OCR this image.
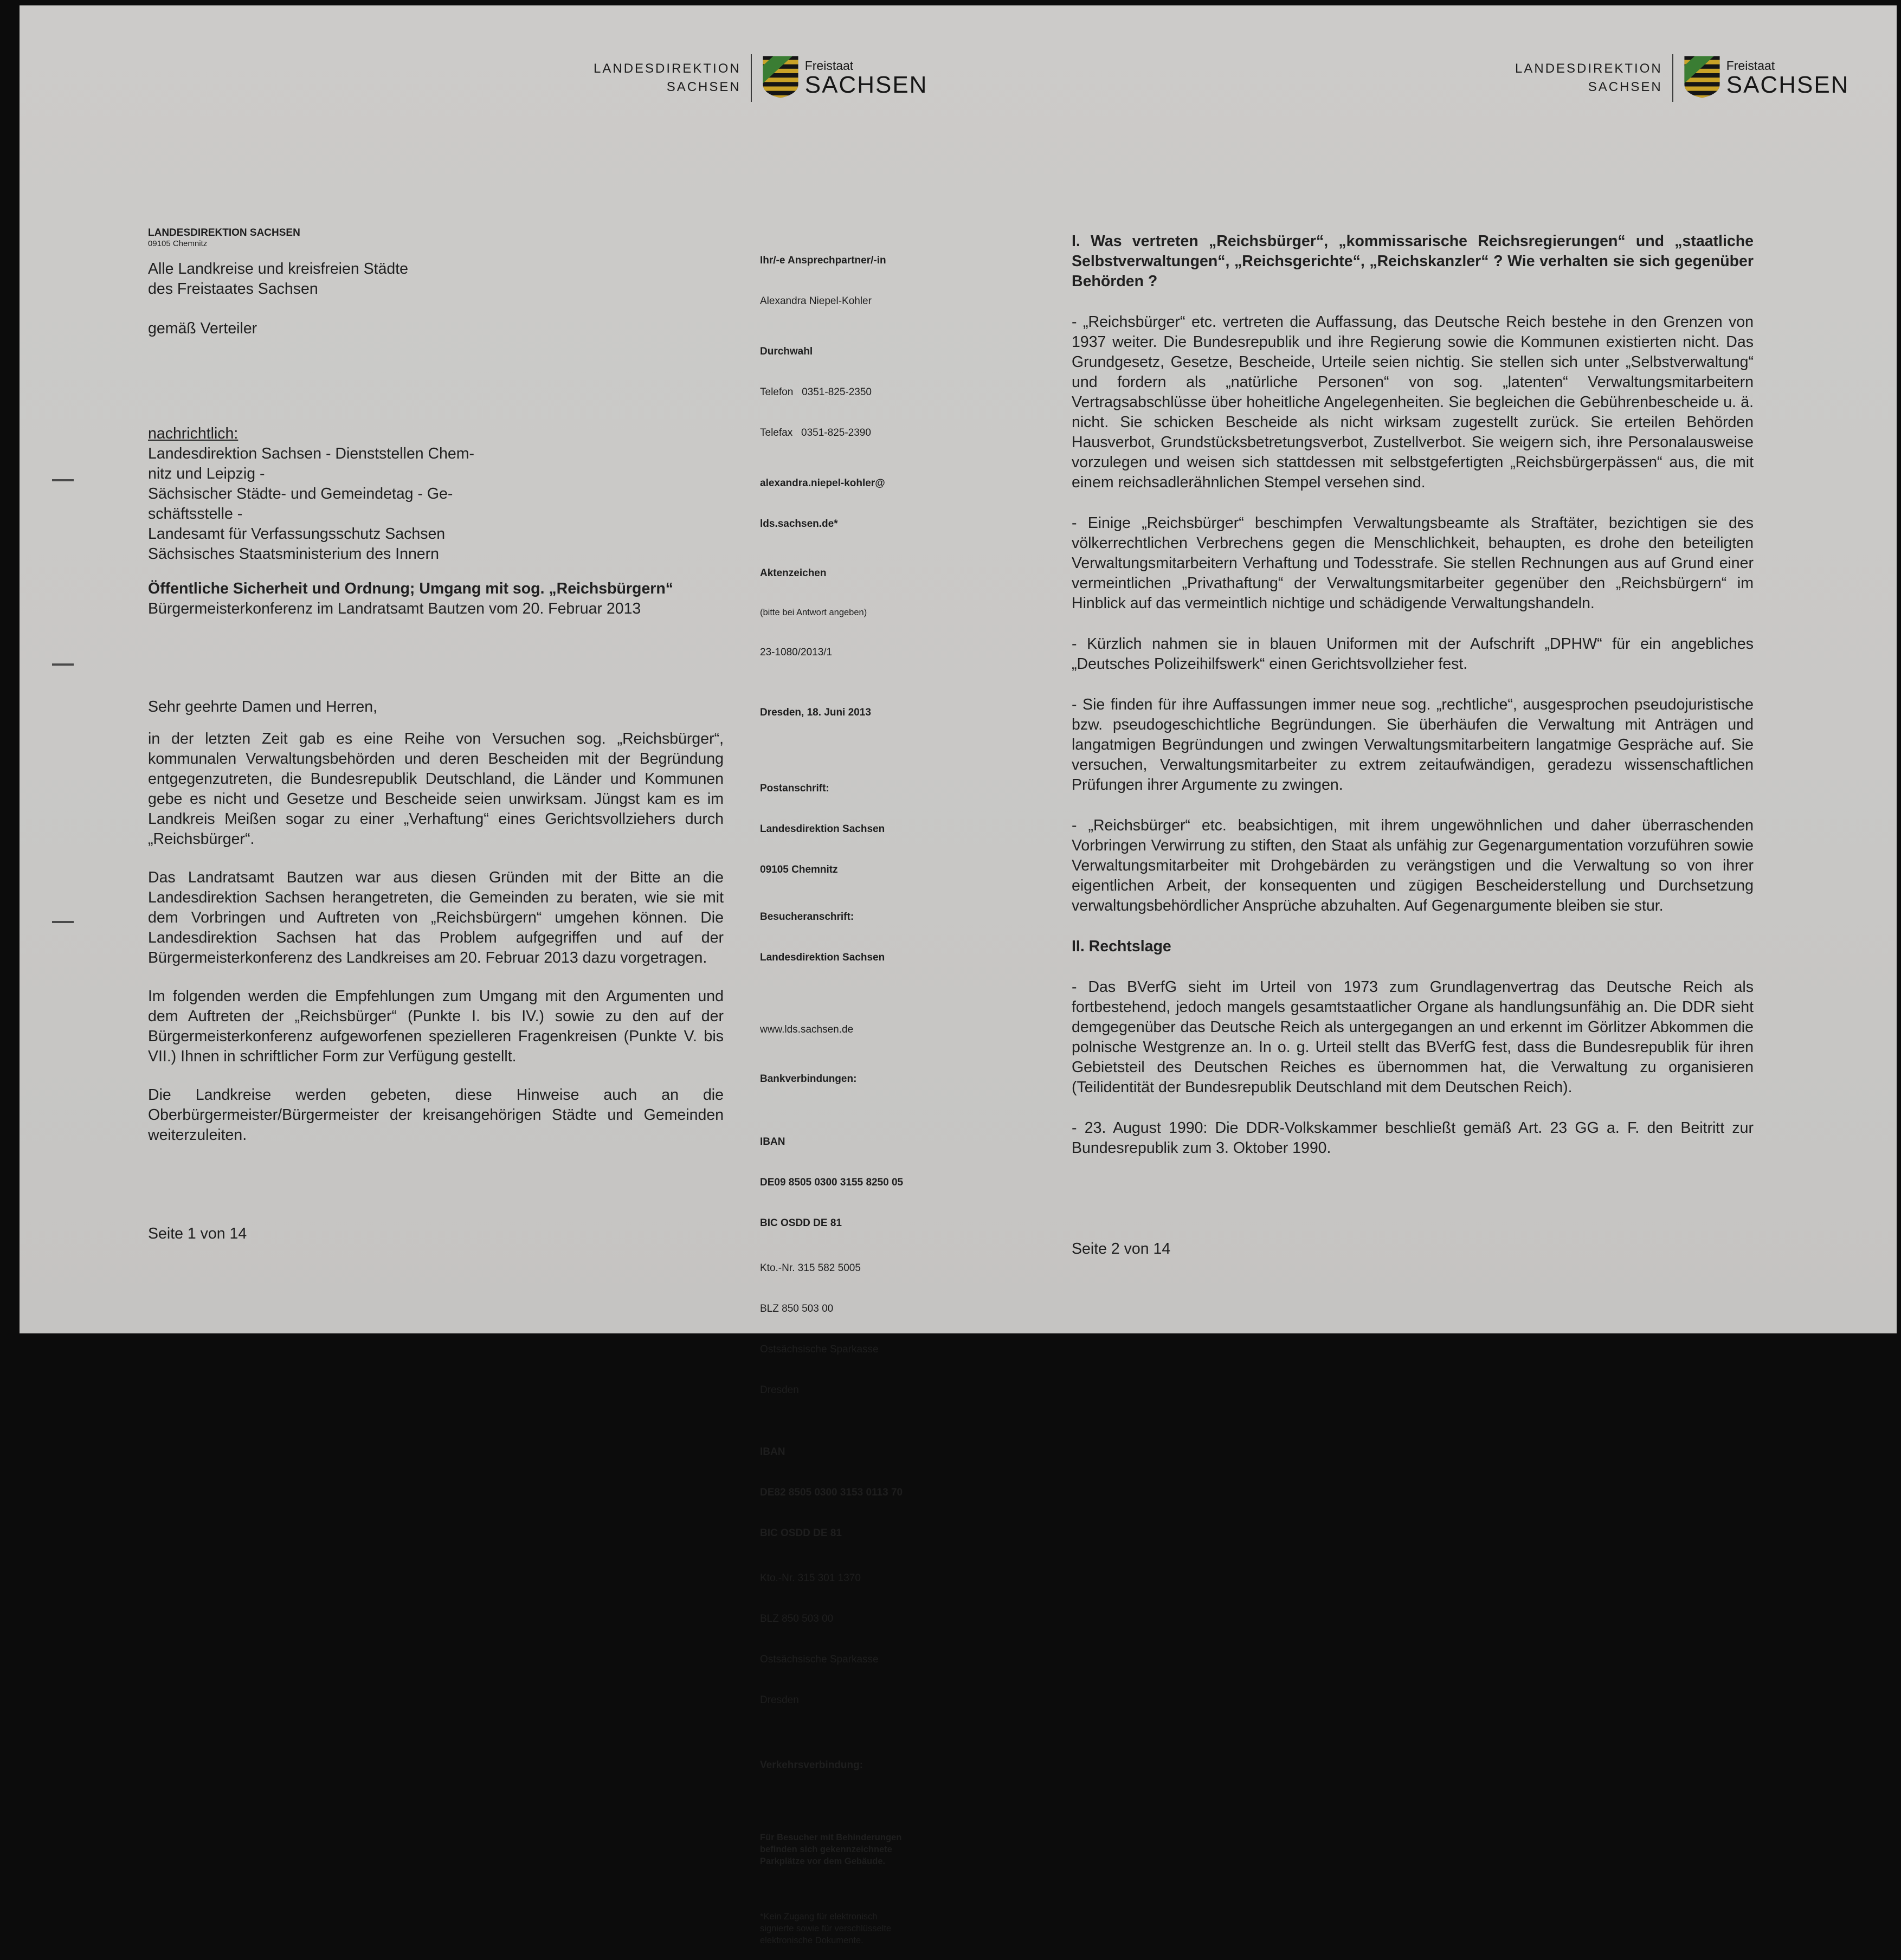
LANDESDIREKTION
SACHSEN
Freistaat
SACHSEN
LANDESDIREKTION SACHSEN
09105 Chemnitz
Alle Landkreise und kreisfreien Städte
des Freistaates Sachsen
gemäß Verteiler
nachrichtlich:
Landesdirektion Sachsen - Dienststellen Chem-
nitz und Leipzig -
Sächsischer Städte- und Gemeindetag - Ge-
schäftsstelle -
Landesamt für Verfassungsschutz Sachsen
Sächsisches Staatsministerium des Innern
Öffentliche Sicherheit und Ordnung; Umgang mit sog. „Reichsbürgern“
Bürgermeisterkonferenz im Landratsamt Bautzen vom 20. Februar 2013
Sehr geehrte Damen und Herren,
in der letzten Zeit gab es eine Reihe von Versuchen sog. „Reichsbürger“, kommunalen Verwaltungsbehörden und deren Bescheiden mit der Begründung entgegenzutreten, die Bundesrepublik Deutschland, die Länder und Kommunen gebe es nicht und Gesetze und Bescheide seien unwirksam. Jüngst kam es im Landkreis Meißen sogar zu einer „Verhaftung“ eines Gerichtsvollziehers durch „Reichsbürger“.
Das Landratsamt Bautzen war aus diesen Gründen mit der Bitte an die Landesdirektion Sachsen herangetreten, die Gemeinden zu beraten, wie sie mit dem Vorbringen und Auftreten von „Reichsbürgern“ umgehen können. Die Landesdirektion Sachsen hat das Problem aufgegriffen und auf der Bürgermeisterkonferenz des Landkreises am 20. Februar 2013 dazu vorgetragen.
Im folgenden werden die Empfehlungen zum Umgang mit den Argumenten und dem Auftreten der „Reichsbürger“ (Punkte I. bis IV.) sowie zu den auf der Bürgermeisterkonferenz aufgeworfenen spezielleren Fragenkreisen (Punkte V. bis VII.) Ihnen in schriftlicher Form zur Verfügung gestellt.
Die Landkreise werden gebeten, diese Hinweise auch an die Oberbürgermeister/Bürgermeister der kreisangehörigen Städte und Gemeinden weiterzuleiten.
Seite 1 von 14

Ihr/-e Ansprechpartner/-in

Alexandra Niepel-Kohler

Durchwahl

Telefon   0351-825-2350

Telefax   0351-825-2390

alexandra.niepel-kohler@

lds.sachsen.de*

Aktenzeichen

(bitte bei Antwort angeben)

23-1080/2013/1

Dresden, 18. Juni 2013

Postanschrift:

Landesdirektion Sachsen

09105 Chemnitz

Besucheranschrift:

Landesdirektion Sachsen

www.lds.sachsen.de

Bankverbindungen:

IBAN

DE09 8505 0300 3155 8250 05

BIC OSDD DE 81

Kto.-Nr. 315 582 5005

BLZ 850 503 00

Ostsächsische Sparkasse

Dresden

IBAN

DE82 8505 0300 3153 0113 70

BIC OSDD DE 81

Kto.-Nr. 315 301 1370

BLZ 850 503 00

Ostsächsische Sparkasse

Dresden

Verkehrsverbindung:

Für Besucher mit Behinderungen befinden sich gekennzeichnete Parkplätze vor dem Gebäude.

*Kein Zugang für elektronisch signierte sowie für verschlüsselte elektronische Dokumente.

LANDESDIREKTION
SACHSEN
Freistaat
SACHSEN
I. Was vertreten „Reichsbürger“, „kommissarische Reichsregierungen“ und „staatliche Selbstverwaltungen“, „Reichsgerichte“, „Reichskanzler“ ? Wie verhalten sie sich gegenüber Behörden ?
- „Reichsbürger“ etc. vertreten die Auffassung, das Deutsche Reich bestehe in den Grenzen von 1937 weiter. Die Bundesrepublik und ihre Regierung sowie die Kommunen existierten nicht. Das Grundgesetz, Gesetze, Bescheide, Urteile seien nichtig. Sie stellen sich unter „Selbstverwaltung“ und fordern als „natürliche Personen“ von sog. „latenten“ Verwaltungsmitarbeitern Vertragsabschlüsse über hoheitliche Angelegenheiten. Sie begleichen die Gebührenbescheide u. ä. nicht. Sie schicken Bescheide als nicht wirksam zugestellt zurück. Sie erteilen Behörden Hausverbot, Grundstücksbetretungsverbot, Zustellverbot. Sie weigern sich, ihre Personalausweise vorzulegen und weisen sich stattdessen mit selbstgefertigten „Reichsbürgerpässen“ aus, die mit einem reichsadlerähnlichen Stempel versehen sind.
- Einige „Reichsbürger“ beschimpfen Verwaltungsbeamte als Straftäter, bezichtigen sie des völkerrechtlichen Verbrechens gegen die Menschlichkeit, behaupten, es drohe den beteiligten Verwaltungsmitarbeitern Verhaftung und Todesstrafe. Sie stellen Rechnungen aus auf Grund einer vermeintlichen „Privathaftung“ der Verwaltungsmitarbeiter gegenüber den „Reichsbürgern“ im Hinblick auf das vermeintlich nichtige und schädigende Verwaltungshandeln.
- Kürzlich nahmen sie in blauen Uniformen mit der Aufschrift „DPHW“ für ein angebliches „Deutsches Polizeihilfswerk“ einen Gerichtsvollzieher fest.
- Sie finden für ihre Auffassungen immer neue sog. „rechtliche“, ausgesprochen pseudojuristische bzw. pseudogeschichtliche Begründungen. Sie überhäufen die Verwaltung mit Anträgen und langatmigen Begründungen und zwingen Verwaltungsmitarbeitern langatmige Gespräche auf. Sie versuchen, Verwaltungsmitarbeiter zu extrem zeitaufwändigen, geradezu wissenschaftlichen Prüfungen ihrer Argumente zu zwingen.
- „Reichsbürger“ etc. beabsichtigen, mit ihrem ungewöhnlichen und daher überraschenden Vorbringen Verwirrung zu stiften, den Staat als unfähig zur Gegenargumentation vorzuführen sowie Verwaltungsmitarbeiter mit Drohgebärden zu verängstigen und die Verwaltung so von ihrer eigentlichen Arbeit, der konsequenten und zügigen Bescheiderstellung und Durchsetzung verwaltungsbehördlicher Ansprüche abzuhalten. Auf Gegenargumente bleiben sie stur.
II. Rechtslage
- Das BVerfG sieht im Urteil von 1973 zum Grundlagenvertrag das Deutsche Reich als fortbestehend, jedoch mangels gesamtstaatlicher Organe als handlungsunfähig an. Die DDR sieht demgegenüber das Deutsche Reich als untergegangen an und erkennt im Görlitzer Abkommen die polnische Westgrenze an. In o. g. Urteil stellt das BVerfG fest, dass die Bundesrepublik für ihren Gebietsteil des Deutschen Reiches es übernommen hat, die Verwaltung zu organisieren (Teilidentität der Bundesrepublik Deutschland mit dem Deutschen Reich).
- 23. August 1990: Die DDR-Volkskammer beschließt gemäß Art. 23 GG a. F. den Beitritt zur Bundesrepublik zum 3. Oktober 1990.
Seite 2 von 14
